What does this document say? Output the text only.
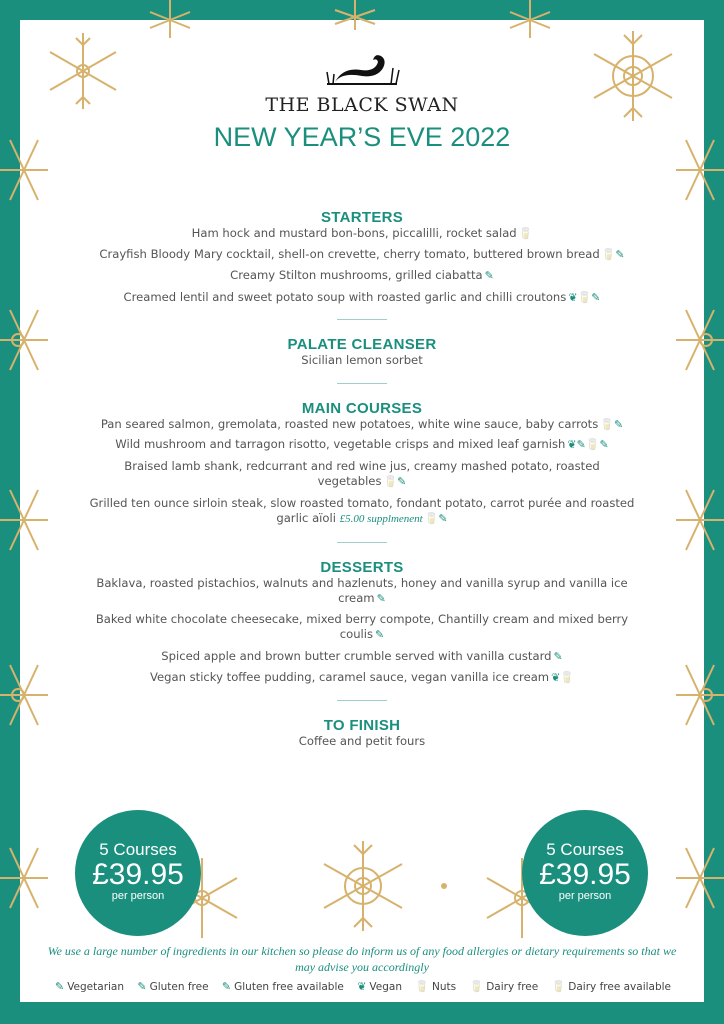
THE BLACK SWAN
NEW YEAR’S EVE 2022
STARTERS
Ham hock and mustard bon-bons, piccalilli, rocket salad 🥛
Crayfish Bloody Mary cocktail, shell-on crevette, cherry tomato, buttered brown bread 🥛✎
Creamy Stilton mushrooms, grilled ciabatta ✎
Creamed lentil and sweet potato soup with roasted garlic and chilli croutons ❦🥛✎
PALATE CLEANSER
Sicilian lemon sorbet
MAIN COURSES
Pan seared salmon, gremolata, roasted new potatoes, white wine sauce, baby carrots 🥛✎
Wild mushroom and tarragon risotto, vegetable crisps and mixed leaf garnish ❦✎🥛✎
Braised lamb shank, redcurrant and red wine jus, creamy mashed potato, roasted vegetables 🥛✎
Grilled ten ounce sirloin steak, slow roasted tomato, fondant potato, carrot purée and roasted garlic aïoli £5.00 supplmenent 🥛✎
DESSERTS
Baklava, roasted pistachios, walnuts and hazlenuts, honey and vanilla syrup and vanilla ice cream ✎
Baked white chocolate cheesecake, mixed berry compote, Chantilly cream and mixed berry coulis ✎
Spiced apple and brown butter crumble served with vanilla custard ✎
Vegan sticky toffee pudding, caramel sauce, vegan vanilla ice cream ❦🥛
TO FINISH
Coffee and petit fours
5 Courses
£39.95
per person
5 Courses
£39.95
per person
We use a large number of ingredients in our kitchen so please do inform us of any food allergies or dietary requirements so that we may advise you accordingly
✎ Vegetarian ✎ Gluten free ✎ Gluten free available ❦ Vegan 🥛 Nuts 🥛 Dairy free 🥛 Dairy free available
